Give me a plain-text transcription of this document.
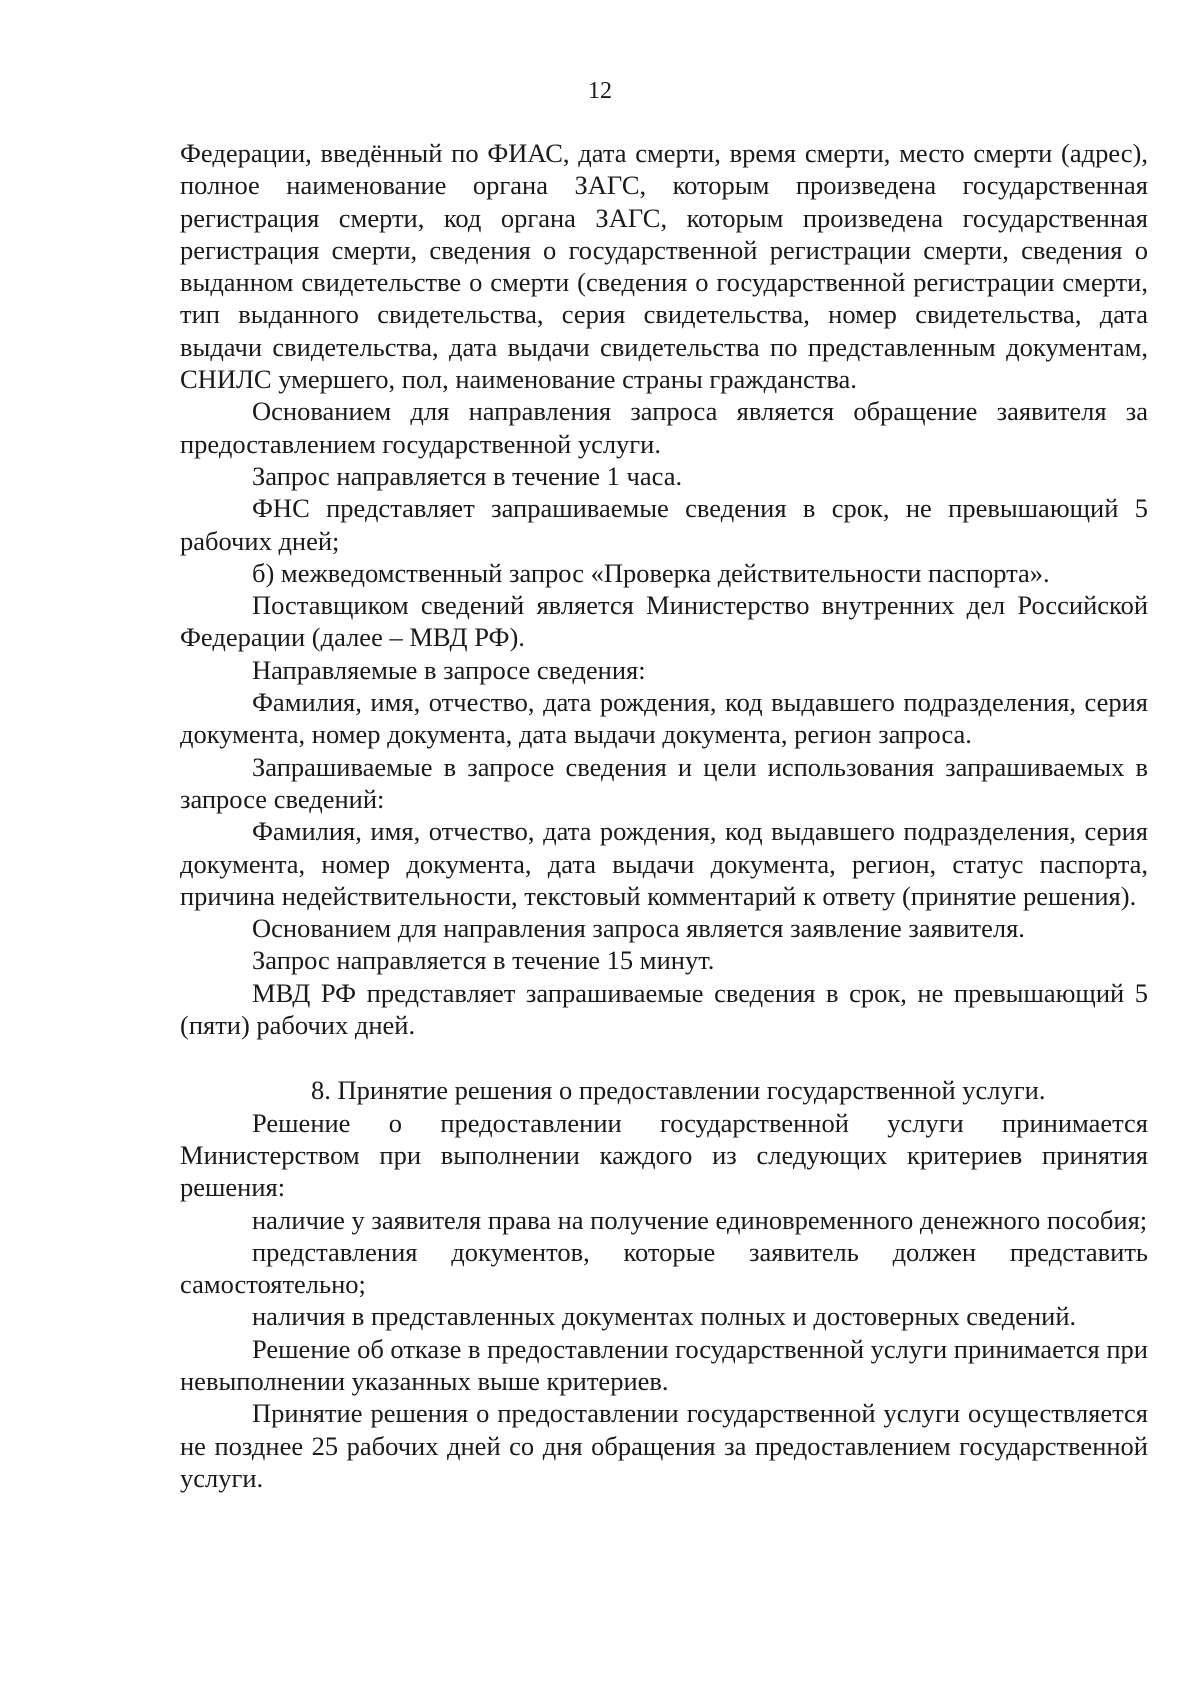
12

Федерации, введённый по ФИАС, дата смерти, время смерти, место смерти (адрес), полное наименование органа ЗАГС, которым произведена государственная регистрация смерти, код органа ЗАГС, которым произведена государственная регистрация смерти, сведения о государственной регистрации смерти, сведения о выданном свидетельстве о смерти (сведения о государственной регистрации смерти, тип выданного свидетельства, серия свидетельства, номер свидетельства, дата выдачи свидетельства, дата выдачи свидетельства по представленным документам, СНИЛС умершего, пол, наименование страны гражданства.

Основанием для направления запроса является обращение заявителя за предоставлением государственной услуги.

Запрос направляется в течение 1 часа.

ФНС представляет запрашиваемые сведения в срок, не превышающий 5 рабочих дней;

б) межведомственный запрос «Проверка действительности паспорта».

Поставщиком сведений является Министерство внутренних дел Российской Федерации (далее – МВД РФ).

Направляемые в запросе сведения:

Фамилия, имя, отчество, дата рождения, код выдавшего подразделения, серия документа, номер документа, дата выдачи документа, регион запроса.

Запрашиваемые в запросе сведения и цели использования запрашиваемых в запросе сведений:

Фамилия, имя, отчество, дата рождения, код выдавшего подразделения, серия документа, номер документа, дата выдачи документа, регион, статус паспорта, причина недействительности, текстовый комментарий к ответу (принятие решения).

Основанием для направления запроса является заявление заявителя.

Запрос направляется в течение 15 минут.

МВД РФ представляет запрашиваемые сведения в срок, не превышающий 5 (пяти) рабочих дней.

8. Принятие решения о предоставлении государственной услуги.

Решение о предоставлении государственной услуги принимается Министерством при выполнении каждого из следующих критериев принятия решения:

наличие у заявителя права на получение единовременного денежного пособия;

представления документов, которые заявитель должен представить самостоятельно;

наличия в представленных документах полных и достоверных сведений.

Решение об отказе в предоставлении государственной услуги принимается при невыполнении указанных выше критериев.

Принятие решения о предоставлении государственной услуги осуществляется не позднее 25 рабочих дней со дня обращения за предоставлением государственной услуги.
